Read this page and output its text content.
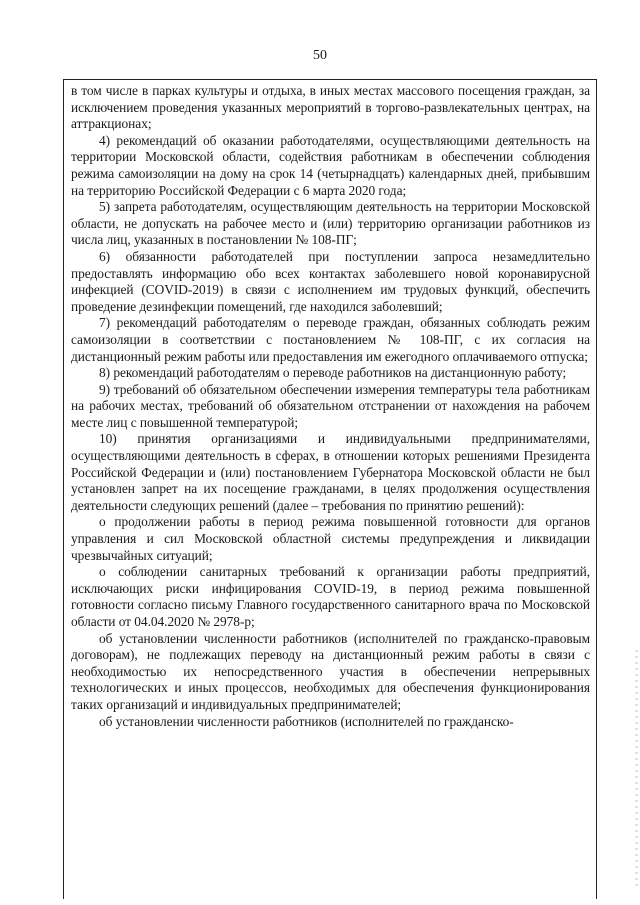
50

в том числе в парках культуры и отдыха, в иных местах массового посещения граждан, за исключением проведения указанных мероприятий в торгово-развлекательных центрах, на аттракционах;

4) рекомендаций об оказании работодателями, осуществляющими деятельность на территории Московской области, содействия работникам в обеспечении соблюдения режима самоизоляции на дому на срок 14 (четырнадцать) календарных дней, прибывшим на территорию Российской Федерации с 6 марта 2020 года;

5) запрета работодателям, осуществляющим деятельность на территории Московской области, не допускать на рабочее место и (или) территорию организации работников из числа лиц, указанных в постановлении № 108-ПГ;

6) обязанности работодателей при поступлении запроса незамедлительно предоставлять информацию обо всех контактах заболевшего новой коронавирусной инфекцией (COVID-2019) в связи с исполнением им трудовых функций, обеспечить проведение дезинфекции помещений, где находился заболевший;

7) рекомендаций работодателям о переводе граждан, обязанных соблюдать режим самоизоляции в соответствии с постановлением № 108-ПГ, с их согласия на дистанционный режим работы или предоставления им ежегодного оплачиваемого отпуска;

8) рекомендаций работодателям о переводе работников на дистанционную работу;

9) требований об обязательном обеспечении измерения температуры тела работникам на рабочих местах, требований об обязательном отстранении от нахождения на рабочем месте лиц с повышенной температурой;

10) принятия организациями и индивидуальными предпринимателями, осуществляющими деятельность в сферах, в отношении которых решениями Президента Российской Федерации и (или) постановлением Губернатора Московской области не был установлен запрет на их посещение гражданами, в целях продолжения осуществления деятельности следующих решений (далее – требования по принятию решений):

о продолжении работы в период режима повышенной готовности для органов управления и сил Московской областной системы предупреждения и ликвидации чрезвычайных ситуаций;

о соблюдении санитарных требований к организации работы предприятий, исключающих риски инфицирования COVID-19, в период режима повышенной готовности согласно письму Главного государственного санитарного врача по Московской области от 04.04.2020 № 2978-р;

об установлении численности работников (исполнителей по гражданско-правовым договорам), не подлежащих переводу на дистанционный режим работы в связи с необходимостью их непосредственного участия в обеспечении непрерывных технологических и иных процессов, необходимых для обеспечения функционирования таких организаций и индивидуальных предпринимателей;

об установлении численности работников (исполнителей по гражданско-
